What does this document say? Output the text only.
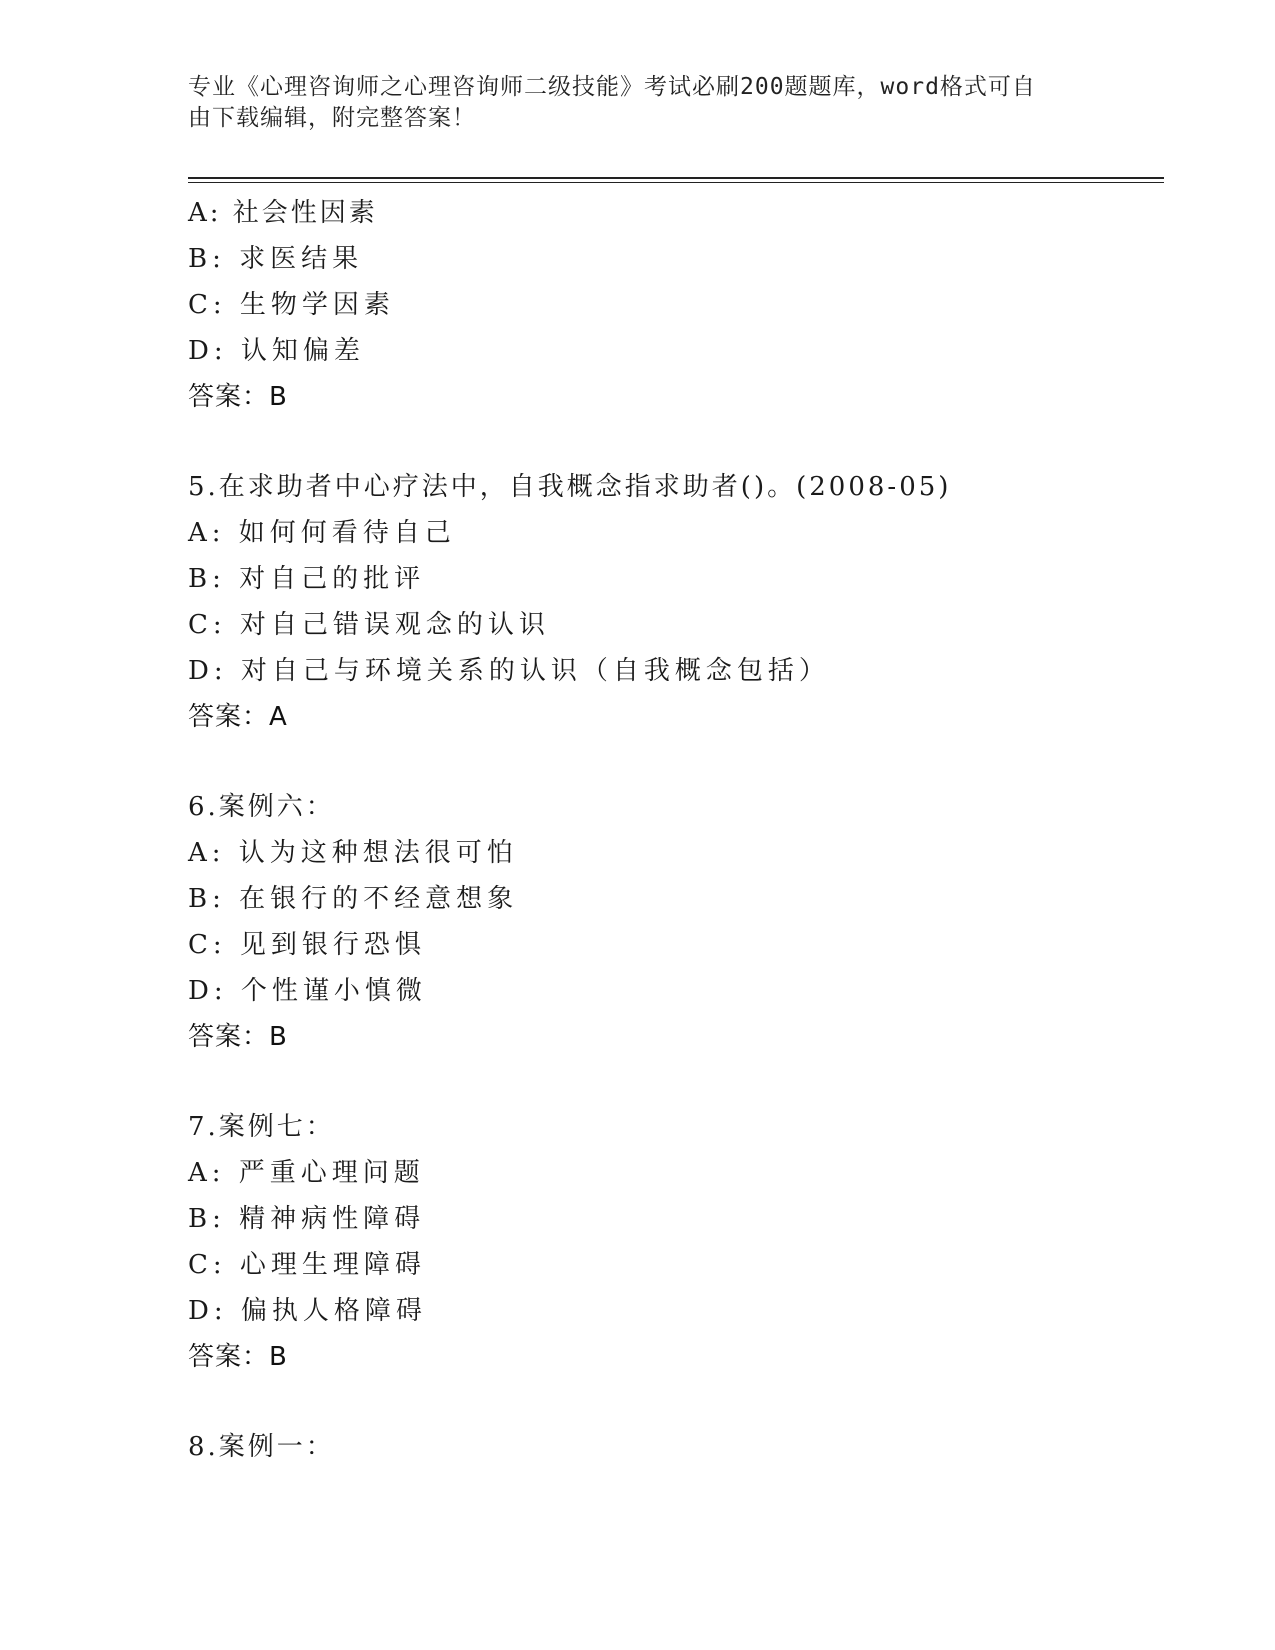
专业《心理咨询师之心理咨询师二级技能》考试必刷200题题库，word格式可自
由下载编辑，附完整答案！
A: 社会性因素
B: 求医结果
C: 生物学因素
D: 认知偏差
答案：B
5.在求助者中心疗法中，自我概念指求助者()。(2008-05)
A: 如何何看待自己
B: 对自己的批评
C: 对自己错误观念的认识
D: 对自己与环境关系的认识（自我概念包括）
答案：A
6.案例六：
A: 认为这种想法很可怕
B: 在银行的不经意想象
C: 见到银行恐惧
D: 个性谨小慎微
答案：B
7.案例七：
A: 严重心理问题
B: 精神病性障碍
C: 心理生理障碍
D: 偏执人格障碍
答案：B
8.案例一：
